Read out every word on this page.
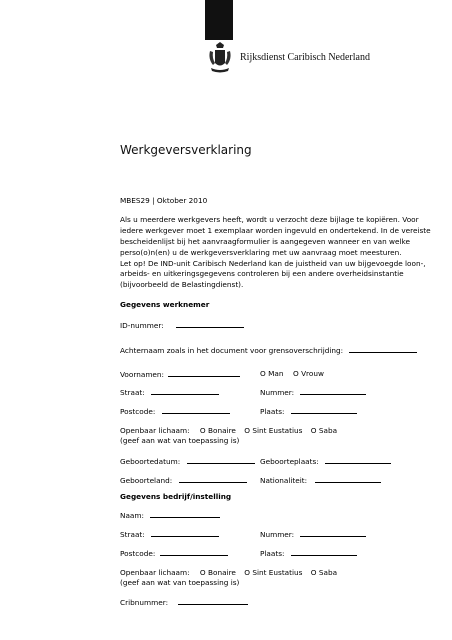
Rijksdienst Caribisch Nederland
Werkgeversverklaring
MBES29 | Oktober 2010
Als u meerdere werkgevers heeft, wordt u verzocht deze bijlage te kopiëren. Voor
iedere werkgever moet 1 exemplaar worden ingevuld en ondertekend. In de vereiste
bescheidenlijst bij het aanvraagformulier is aangegeven wanneer en van welke
perso(o)n(en) u de werkgeversverklaring met uw aanvraag moet meesturen.
Let op! De IND-unit Caribisch Nederland kan de juistheid van uw bijgevoegde loon-,
arbeids- en uitkeringsgegevens controleren bij een andere overheidsinstantie
(bijvoorbeeld de Belastingdienst).
Gegevens werknemer
ID-nummer:
Achternaam zoals in het document voor grensoverschrijding:
Voornamen:	O Man O Vrouw
Straat:	Nummer:
Postcode:	Plaats:
Openbaar lichaam: O Bonaire O Sint Eustatius O Saba
(geef aan wat van toepassing is)
Geboortedatum:	Geboorteplaats:
Geboorteland:	Nationaliteit:
Gegevens bedrijf/instelling
Naam:
Straat:	Nummer:
Postcode:	Plaats:
Openbaar lichaam: O Bonaire O Sint Eustatius O Saba
(geef aan wat van toepassing is)
Cribnummer:
